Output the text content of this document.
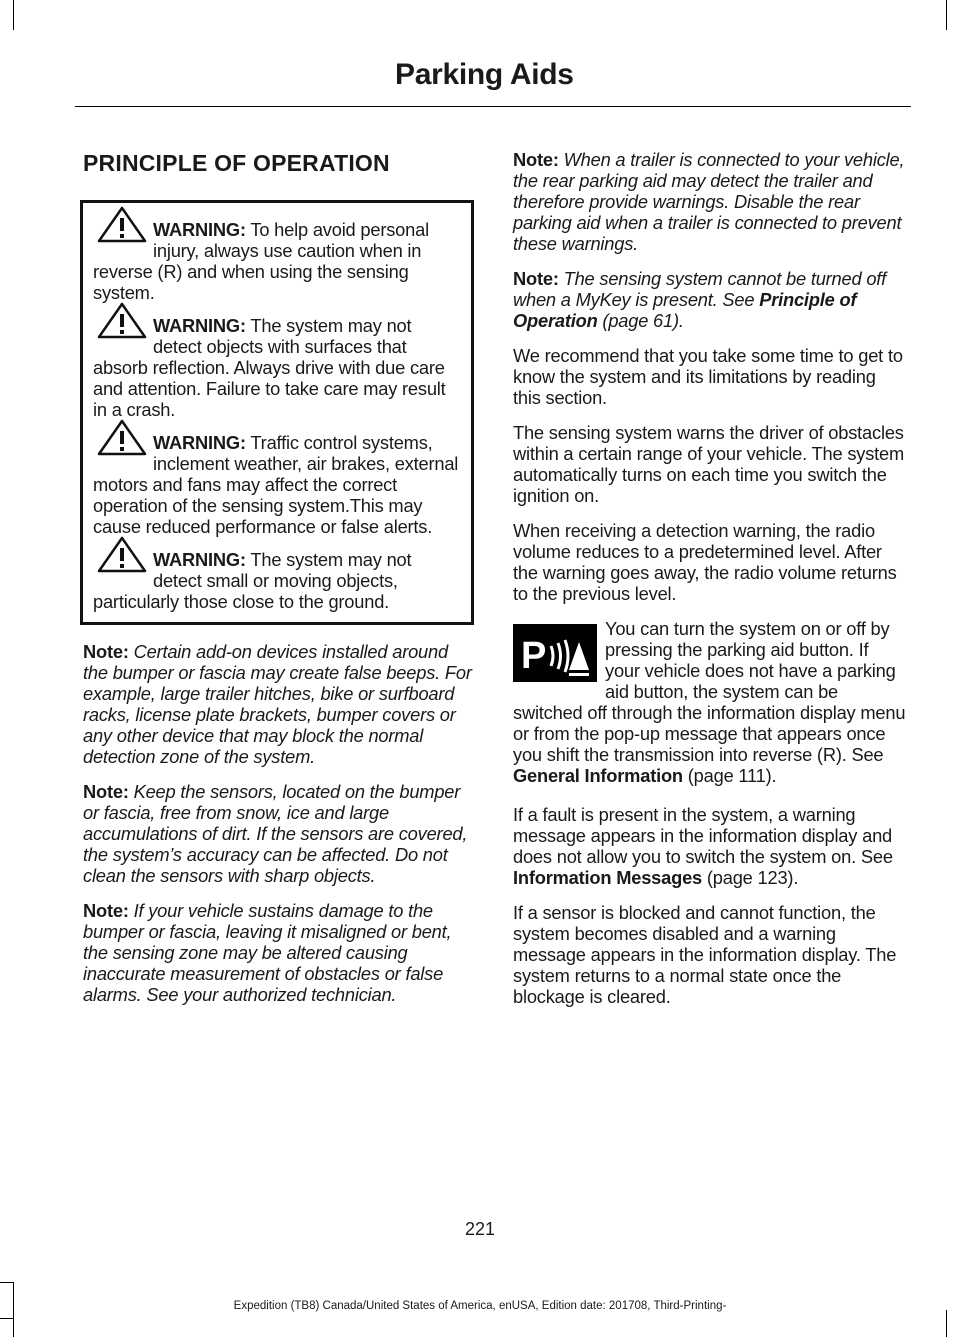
Parking Aids
PRINCIPLE OF OPERATION
WARNING: To help avoid personal injury, always use caution when in reverse (R) and when using the sensing system.
WARNING: The system may not detect objects with surfaces that absorb reflection. Always drive with due care and attention. Failure to take care may result in a crash.
WARNING: Traffic control systems, inclement weather, air brakes, external motors and fans may affect the correct operation of the sensing system.This may cause reduced performance or false alerts.
WARNING: The system may not detect small or moving objects, particularly those close to the ground.

Note: Certain add-on devices installed around the bumper or fascia may create false beeps. For example, large trailer hitches, bike or surfboard racks, license plate brackets, bumper covers or any other device that may block the normal detection zone of the system.

Note: Keep the sensors, located on the bumper or fascia, free from snow, ice and large accumulations of dirt. If the sensors are covered, the system’s accuracy can be affected. Do not clean the sensors with sharp objects.

Note: If your vehicle sustains damage to the bumper or fascia, leaving it misaligned or bent, the sensing zone may be altered causing inaccurate measurement of obstacles or false alarms. See your authorized technician.

Note: When a trailer is connected to your vehicle, the rear parking aid may detect the trailer and therefore provide warnings. Disable the rear parking aid when a trailer is connected to prevent these warnings.

Note: The sensing system cannot be turned off when a MyKey is present. See Principle of Operation (page 61).

We recommend that you take some time to get to know the system and its limitations by reading this section.

The sensing system warns the driver of obstacles within a certain range of your vehicle. The system automatically turns on each time you switch the ignition on.

When receiving a detection warning, the radio volume reduces to a predetermined level. After the warning goes away, the radio volume returns to the previous level.

P
You can turn the system on or off by pressing the parking aid button. If your vehicle does not have a parking aid button, the system can be switched off through the information display menu or from the pop-up message that appears once you shift the transmission into reverse (R). See General Information (page 111).

If a fault is present in the system, a warning message appears in the information display and does not allow you to switch the system on. See Information Messages (page 123).

If a sensor is blocked and cannot function, the system becomes disabled and a warning message appears in the information display. The system returns to a normal state once the blockage is cleared.

221
Expedition (TB8) Canada/United States of America, enUSA, Edition date: 201708, Third-Printing-
